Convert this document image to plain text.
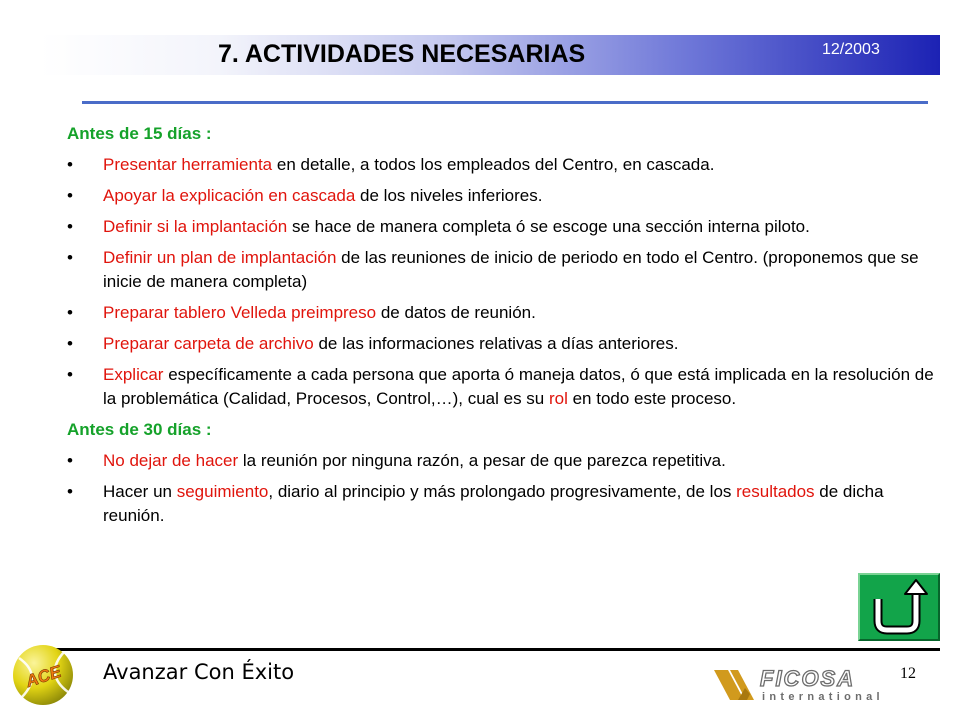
7. ACTIVIDADES NECESARIAS	12/2003
Antes de 15 días :
• Presentar herramienta en detalle, a todos los empleados del Centro, en cascada.
• Apoyar la explicación en cascada de los niveles inferiores.
• Definir si la implantación se hace de manera completa ó se escoge una sección interna piloto.
• Definir un plan de implantación de las reuniones de inicio de periodo en todo el Centro. (proponemos que se inicie de manera completa)
• Preparar tablero Velleda preimpreso de datos de reunión.
• Preparar carpeta de archivo de las informaciones relativas a días anteriores.
• Explicar específicamente a cada persona que aporta ó maneja datos, ó que está implicada en la resolución de la problemática (Calidad, Procesos, Control,…), cual es su rol en todo este proceso.
Antes de 30 días :
• No dejar de hacer la reunión por ninguna razón, a pesar de que parezca repetitiva.
• Hacer un seguimiento, diario al principio y más prolongado progresivamente, de los resultados de dicha reunión.
ACE Avanzar Con Éxito	12
FICOSA
international
